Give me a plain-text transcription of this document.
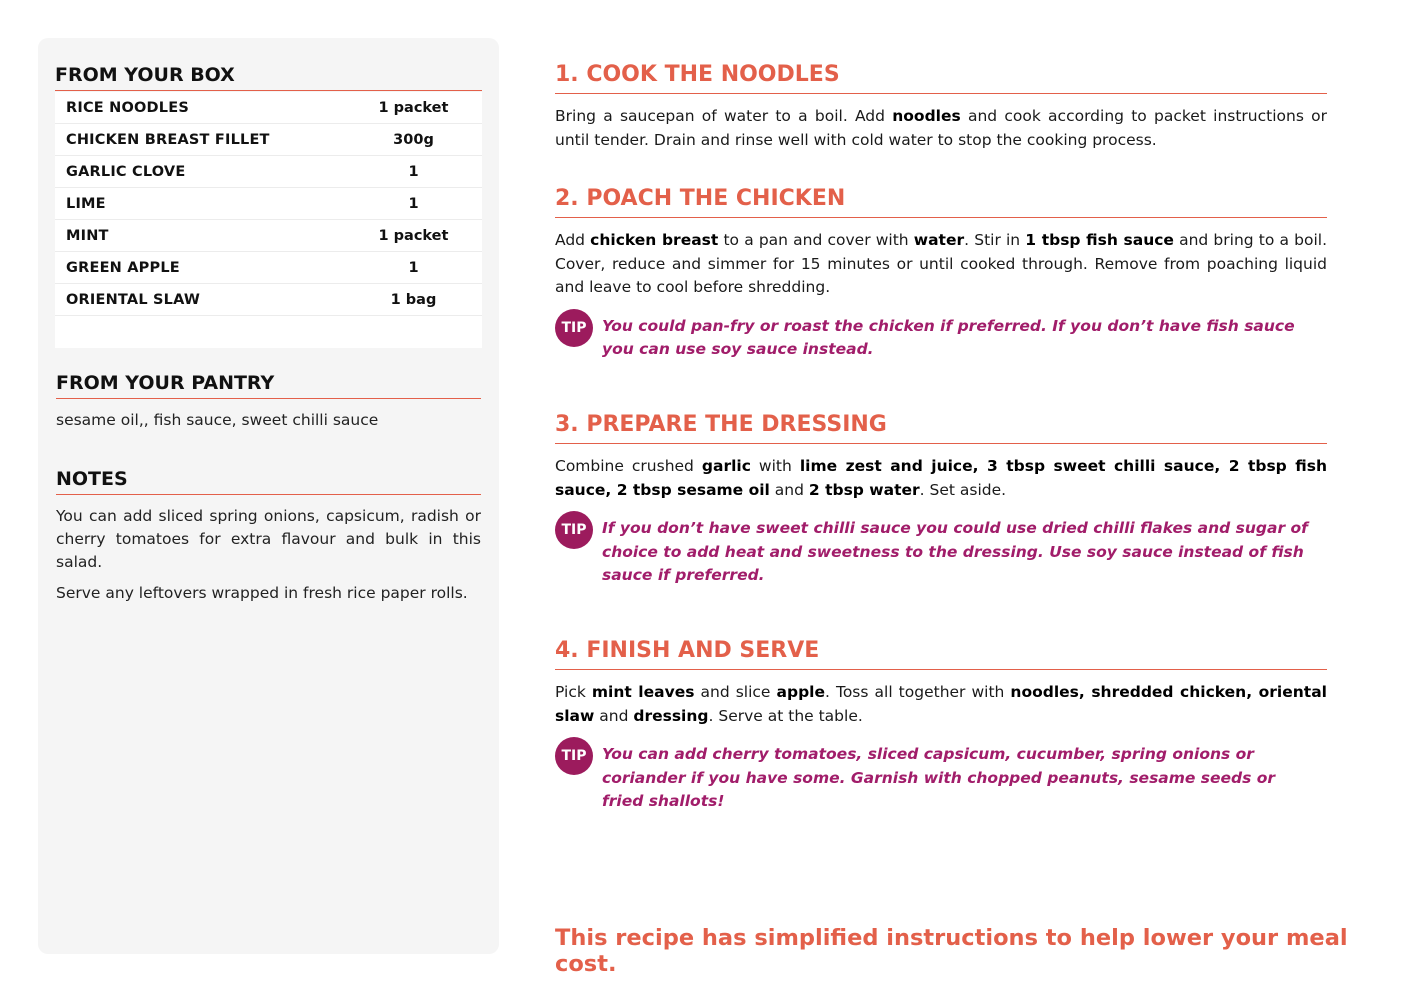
FROM YOUR BOX
RICE NOODLES	1 packet
CHICKEN BREAST FILLET	300g
GARLIC CLOVE	1
LIME	1
MINT	1 packet
GREEN APPLE	1
ORIENTAL SLAW	1 bag
FROM YOUR PANTRY
sesame oil,, fish sauce, sweet chilli sauce
NOTES

You can add sliced spring onions, capsicum, radish or cherry tomatoes for extra flavour and bulk in this salad.

Serve any leftovers wrapped in fresh rice paper rolls.

1. COOK THE NOODLES
Bring a saucepan of water to a boil. Add noodles and cook according to packet instructions or until tender. Drain and rinse well with cold water to stop the cooking process.
2. POACH THE CHICKEN
Add chicken breast to a pan and cover with water. Stir in 1 tbsp fish sauce and bring to a boil. Cover, reduce and simmer for 15 minutes or until cooked through. Remove from poaching liquid and leave to cool before shredding.
TIP You could pan-fry or roast the chicken if preferred. If you don’t have fish sauce you can use soy sauce instead.
3. PREPARE THE DRESSING
Combine crushed garlic with lime zest and juice, 3 tbsp sweet chilli sauce, 2 tbsp fish sauce, 2 tbsp sesame oil and 2 tbsp water. Set aside.
TIP If you don’t have sweet chilli sauce you could use dried chilli flakes and sugar of choice to add heat and sweetness to the dressing. Use soy sauce instead of fish sauce if preferred.
4. FINISH AND SERVE
Pick mint leaves and slice apple. Toss all together with noodles, shredded chicken, oriental slaw and dressing. Serve at the table.
TIP You can add cherry tomatoes, sliced capsicum, cucumber, spring onions or coriander if you have some. Garnish with chopped peanuts, sesame seeds or fried shallots!
This recipe has simplified instructions to help lower your meal cost.
